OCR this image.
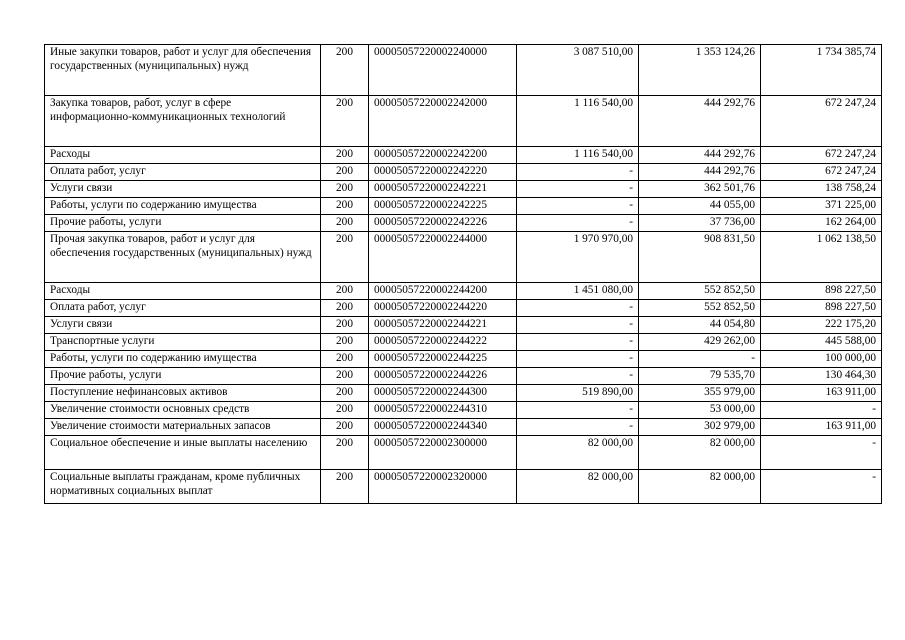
Иные закупки товаров, работ и услуг для обеспечения государственных (муниципальных) нужд	200	00005057220002240000	3 087 510,00	1 353 124,26	1 734 385,74
Закупка товаров, работ, услуг в сфере информационно-коммуникационных технологий	200	00005057220002242000	1 116 540,00	444 292,76	672 247,24
Расходы	200	00005057220002242200	1 116 540,00	444 292,76	672 247,24
Оплата работ, услуг	200	00005057220002242220	-	444 292,76	672 247,24
Услуги связи	200	00005057220002242221	-	362 501,76	138 758,24
Работы, услуги по содержанию имущества	200	00005057220002242225	-	44 055,00	371 225,00
Прочие работы, услуги	200	00005057220002242226	-	37 736,00	162 264,00
Прочая закупка товаров, работ и услуг для обеспечения государственных (муниципальных) нужд	200	00005057220002244000	1 970 970,00	908 831,50	1 062 138,50
Расходы	200	00005057220002244200	1 451 080,00	552 852,50	898 227,50
Оплата работ, услуг	200	00005057220002244220	-	552 852,50	898 227,50
Услуги связи	200	00005057220002244221	-	44 054,80	222 175,20
Транспортные услуги	200	00005057220002244222	-	429 262,00	445 588,00
Работы, услуги по содержанию имущества	200	00005057220002244225	-	-	100 000,00
Прочие работы, услуги	200	00005057220002244226	-	79 535,70	130 464,30
Поступление нефинансовых активов	200	00005057220002244300	519 890,00	355 979,00	163 911,00
Увеличение стоимости основных средств	200	00005057220002244310	-	53 000,00	-
Увеличение стоимости материальных запасов	200	00005057220002244340	-	302 979,00	163 911,00
Социальное обеспечение и иные выплаты населению	200	00005057220002300000	82 000,00	82 000,00	-
Социальные выплаты гражданам, кроме публичных нормативных социальных выплат	200	00005057220002320000	82 000,00	82 000,00	-
